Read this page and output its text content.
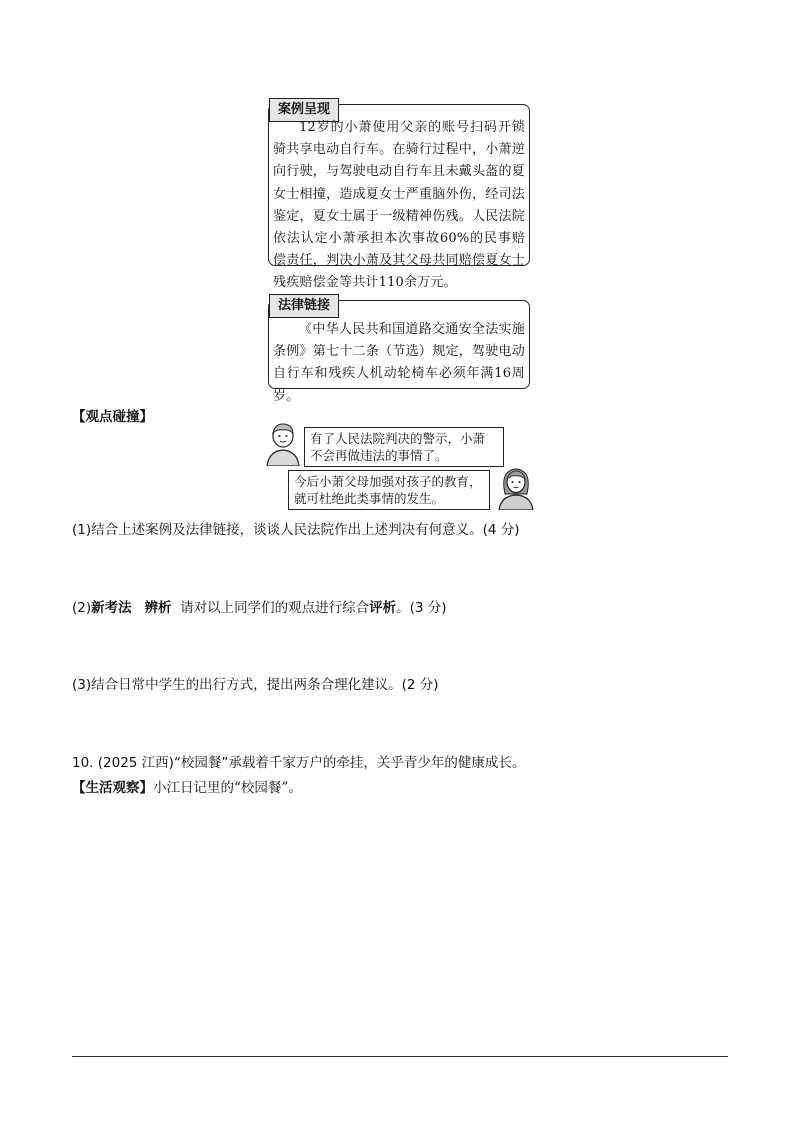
案例呈现
12岁的小萧使用父亲的账号扫码开锁骑共享电动自行车。在骑行过程中，小萧逆向行驶，与驾驶电动自行车且未戴头盔的夏女士相撞，造成夏女士严重脑外伤，经司法鉴定，夏女士属于一级精神伤残。人民法院依法认定小萧承担本次事故60%的民事赔偿责任，判决小萧及其父母共同赔偿夏女士残疾赔偿金等共计110余万元。
法律链接
《中华人民共和国道路交通安全法实施条例》第七十二条（节选）规定，驾驶电动自行车和残疾人机动轮椅车必须年满16周岁。
【观点碰撞】
有了人民法院判决的警示，小萧
不会再做违法的事情了。
今后小萧父母加强对孩子的教育，
就可杜绝此类事情的发生。
(1)结合上述案例及法律链接，谈谈人民法院作出上述判决有何意义。(4 分)
(2)新考法 辨析 请对以上同学们的观点进行综合评析。(3 分)
(3)结合日常中学生的出行方式，提出两条合理化建议。(2 分)
10. (2025 江西)“校园餐”承载着千家万户的牵挂，关乎青少年的健康成长。
【生活观察】小江日记里的“校园餐”。
